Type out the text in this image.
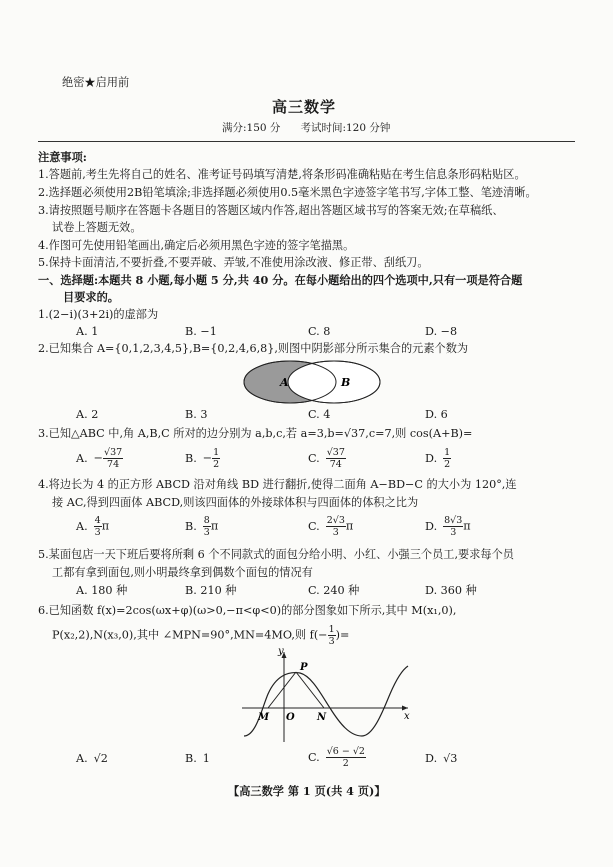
绝密★启用前
高三数学
满分:150 分      考试时间:120 分钟
注意事项:
1.答题前,考生先将自己的姓名、准考证号码填写清楚,将条形码准确粘贴在考生信息条形码粘贴区。
2.选择题必须使用2B铅笔填涂;非选择题必须使用0.5毫米黑色字迹签字笔书写,字体工整、笔迹清晰。
3.请按照题号顺序在答题卡各题目的答题区域内作答,超出答题区域书写的答案无效;在草稿纸、
试卷上答题无效。
4.作图可先使用铅笔画出,确定后必须用黑色字迹的签字笔描黑。
5.保持卡面清洁,不要折叠,不要弄破、弄皱,不准使用涂改液、修正带、刮纸刀。
一、选择题:本题共 8 小题,每小题 5 分,共 40 分。在每小题给出的四个选项中,只有一项是符合题
目要求的。
1.(2−i)(3+2i)的虚部为
A. 1	B. −1	C. 8	D. −8
2.已知集合 A={0,1,2,3,4,5},B={0,2,4,6,8},则图中阴影部分所示集合的元素个数为
A	B
A. 2	B. 3	C. 4	D. 6
3.已知△ABC 中,角 A,B,C 所对的边分别为 a,b,c,若 a=3,b=√37,c=7,则 cos(A+B)=
A. − $\frac{√37}{74}$	B. − $\frac{1}{2}$	C. $\frac{√37}{74}$	D. $\frac{1}{2}$
4.将边长为 4 的正方形 ABCD 沿对角线 BD 进行翻折,使得二面角 A−BD−C 的大小为 120°,连
接 AC,得到四面体 ABCD,则该四面体的外接球体积与四面体的体积之比为
A. $\frac{4}{3}$ π	B. $\frac{8}{3}$ π	C. $\frac{2√3}{3}$ π	D. $\frac{8√3}{3}$ π
5.某面包店一天下班后要将所剩 6 个不同款式的面包分给小明、小红、小强三个员工,要求每个员
工都有拿到面包,则小明最终拿到偶数个面包的情况有
A. 180 种	B. 210 种	C. 240 种	D. 360 种
6.已知函数 f(x)=2cos(ωx+φ)(ω>0,−π<φ<0)的部分图象如下所示,其中 M(x₁,0),
P(x₂,2),N(x₃,0),其中 ∠MPN=90°,MN=4MO,则 $f(- \frac{1}{3}$ )=
y
P
M O N	x
A. √2	B. 1	C. $\frac{√6 - √2}{2}$	D. √3
【高三数学 第 1 页(共 4 页)】
